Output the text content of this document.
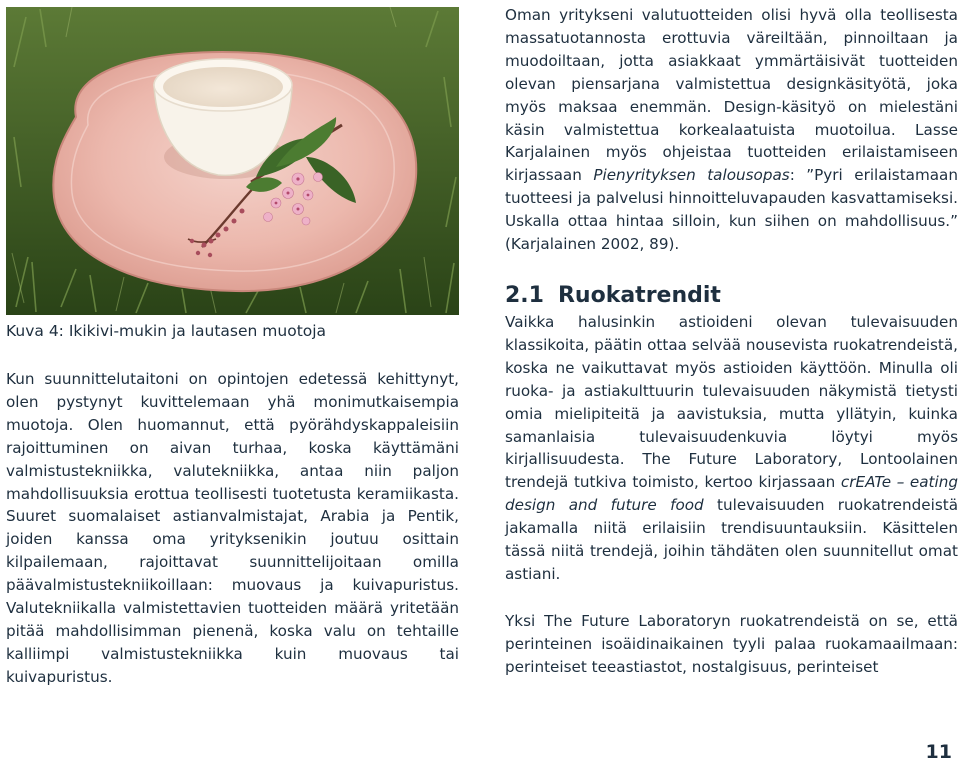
Kuva 4: Ikikivi-mukin ja lautasen muotoja

Kun suunnittelutaitoni on opintojen edetessä kehittynyt, olen pystynyt kuvittelemaan yhä monimutkaisempia muotoja. Olen huomannut, että pyörähdyskappaleisiin rajoittuminen on aivan turhaa, koska käyttämäni valmistustekniikka, valutekniikka, antaa niin paljon mahdollisuuksia erottua teollisesti tuotetusta keramiikasta. Suuret suomalaiset astianvalmistajat, Arabia ja Pentik, joiden kanssa oma yrityksenikin joutuu osittain kilpailemaan, rajoittavat suunnittelijoitaan omilla päävalmistustekniikoillaan: muovaus ja kuivapuristus. Valutekniikalla valmistettavien tuotteiden määrä yritetään pitää mahdollisimman pienenä, koska valu on tehtaille kalliimpi valmistustekniikka kuin muovaus tai kuivapuristus.

Oman yritykseni valutuotteiden olisi hyvä olla teollisesta massatuotannosta erottuvia väreiltään, pinnoiltaan ja muodoiltaan, jotta asiakkaat ymmärtäisivät tuotteiden olevan piensarjana valmistettua designkäsityötä, joka myös maksaa enemmän. Design-käsityö on mielestäni käsin valmistettua korkealaatuista muotoilua. Lasse Karjalainen myös ohjeistaa tuotteiden erilaistamiseen kirjassaan Pienyrityksen talousopas: ”Pyri erilaistamaan tuotteesi ja palvelusi hinnoitteluvapauden kasvattamiseksi. Uskalla ottaa hintaa silloin, kun siihen on mahdollisuus.” (Karjalainen 2002, 89).

2.1 Ruokatrendit

Vaikka halusinkin astioideni olevan tulevaisuuden klassikoita, päätin ottaa selvää nousevista ruokatrendeistä, koska ne vaikuttavat myös astioiden käyttöön. Minulla oli ruoka- ja astiakulttuurin tulevaisuuden näkymistä tietysti omia mielipiteitä ja aavistuksia, mutta yllätyin, kuinka samanlaisia tulevaisuudenkuvia löytyi myös kirjallisuudesta. The Future Laboratory, Lontoolainen trendejä tutkiva toimisto, kertoo kirjassaan crEATe – eating design and future food tulevaisuuden ruokatrendeistä jakamalla niitä erilaisiin trendisuuntauksiin. Käsittelen tässä niitä trendejä, joihin tähdäten olen suunnitellut omat astiani.

Yksi The Future Laboratoryn ruokatrendeistä on se, että perinteinen isoäidinaikainen tyyli palaa ruokamaailmaan: perinteiset teeastiastot, nostalgisuus, perinteiset

11
